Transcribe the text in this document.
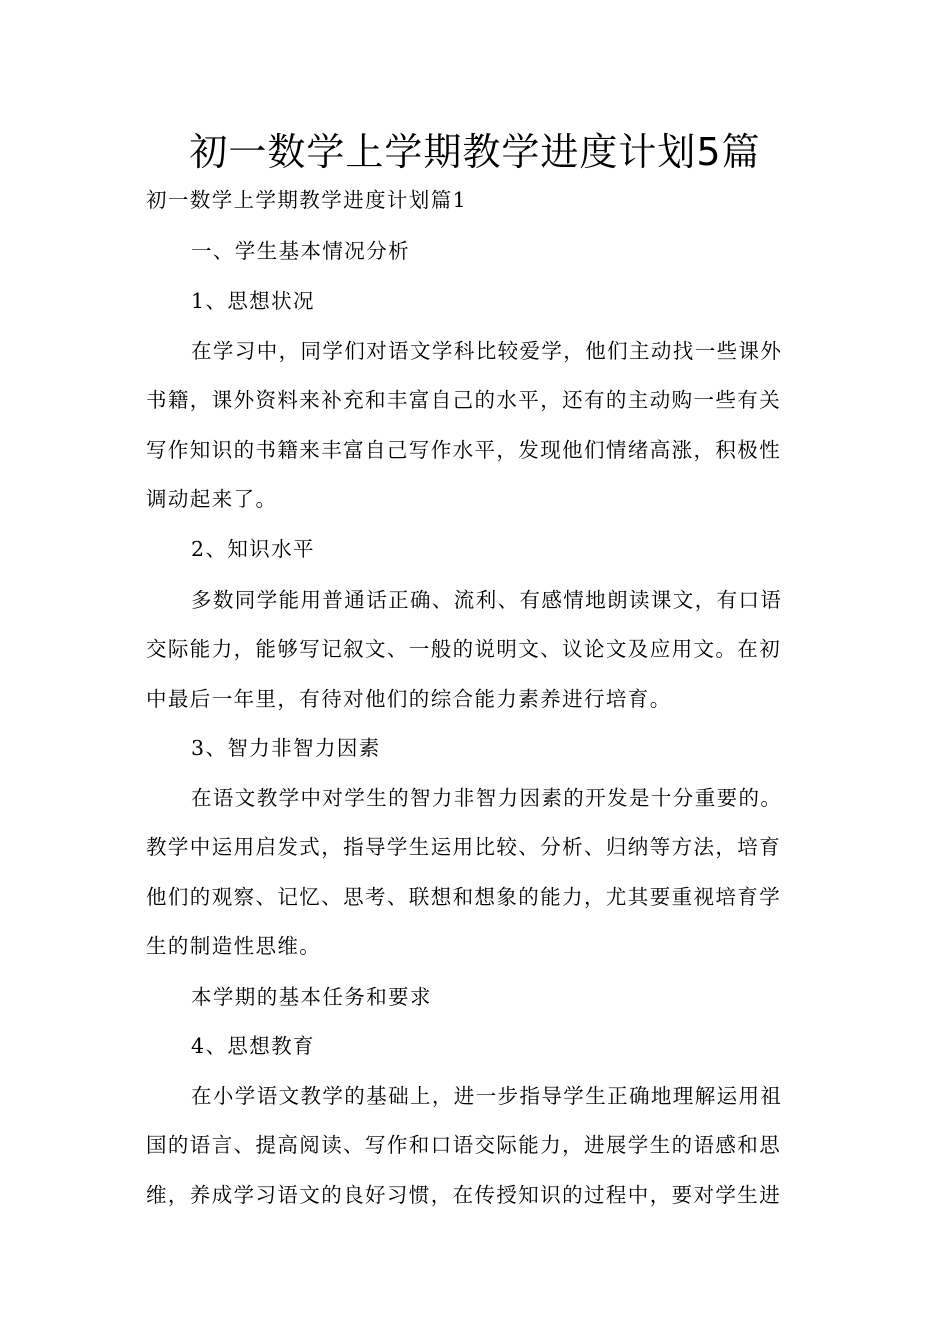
初一数学上学期教学进度计划5篇
初一数学上学期教学进度计划篇1
一、学生基本情况分析
1、思想状况
在学习中，同学们对语文学科比较爱学，他们主动找一些课外
书籍，课外资料来补充和丰富自己的水平，还有的主动购一些有关
写作知识的书籍来丰富自己写作水平，发现他们情绪高涨，积极性
调动起来了。
2、知识水平
多数同学能用普通话正确、流利、有感情地朗读课文，有口语
交际能力，能够写记叙文、一般的说明文、议论文及应用文。在初
中最后一年里，有待对他们的综合能力素养进行培育。
3、智力非智力因素
在语文教学中对学生的智力非智力因素的开发是十分重要的。
教学中运用启发式，指导学生运用比较、分析、归纳等方法，培育
他们的观察、记忆、思考、联想和想象的能力，尤其要重视培育学
生的制造性思维。
本学期的基本任务和要求
4、思想教育
在小学语文教学的基础上，进一步指导学生正确地理解运用祖
国的语言、提高阅读、写作和口语交际能力，进展学生的语感和思
维，养成学习语文的良好习惯，在传授知识的过程中，要对学生进
